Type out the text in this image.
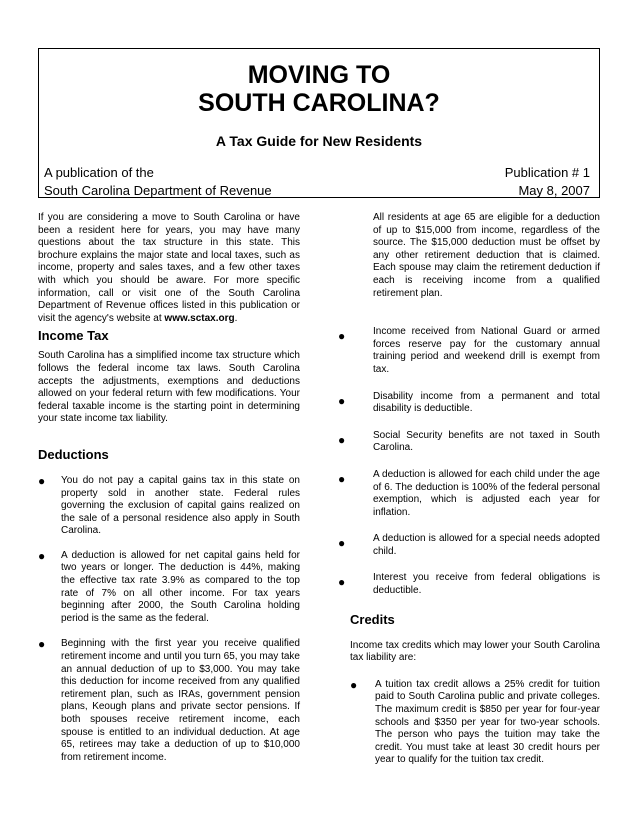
MOVING TO
SOUTH CAROLINA?
A Tax Guide for New Residents
A publication of the
South Carolina Department of Revenue
Publication # 1
May 8, 2007

If you are considering a move to South Carolina or have been a resident here for years, you may have many questions about the tax structure in this state. This brochure explains the major state and local taxes, such as income, property and sales taxes, and a few other taxes with which you should be aware. For more specific information, call or visit one of the South Carolina Department of Revenue offices listed in this publication or visit the agency's website at www.sctax.org.

Income Tax

South Carolina has a simplified income tax structure which follows the federal income tax laws. South Carolina accepts the adjustments, exemptions and deductions allowed on your federal return with few modifications. Your federal taxable income is the starting point in determining your state income tax liability.

Deductions
● You do not pay a capital gains tax in this state on property sold in another state. Federal rules governing the exclusion of capital gains realized on the sale of a personal residence also apply in South Carolina.
● A deduction is allowed for net capital gains held for two years or longer. The deduction is 44%, making the effective tax rate 3.9% as compared to the top rate of 7% on all other income. For tax years beginning after 2000, the South Carolina holding period is the same as the federal.
● Beginning with the first year you receive qualified retirement income and until you turn 65, you may take an annual deduction of up to $3,000. You may take this deduction for income received from any qualified retirement plan, such as IRAs, government pension plans, Keough plans and private sector pensions. If both spouses receive retirement income, each spouse is entitled to an individual deduction. At age 65, retirees may take a deduction of up to $10,000 from retirement income.

All residents at age 65 are eligible for a deduction of up to $15,000 from income, regardless of the source. The $15,000 deduction must be offset by any other retirement deduction that is claimed. Each spouse may claim the retirement deduction if each is receiving income from a qualified retirement plan.

●	Income received from National Guard or armed forces reserve pay for the customary annual training period and weekend drill is exempt from tax.
●	Disability income from a permanent and total disability is deductible.
●	Social Security benefits are not taxed in South Carolina.
●	A deduction is allowed for each child under the age of 6. The deduction is 100% of the federal personal exemption, which is adjusted each year for inflation.
●	A deduction is allowed for a special needs adopted child.
●	Interest you receive from federal obligations is deductible.
Credits

Income tax credits which may lower your South Carolina tax liability are:

● A tuition tax credit allows a 25% credit for tuition paid to South Carolina public and private colleges. The maximum credit is $850 per year for four-year schools and $350 per year for two-year schools. The person who pays the tuition may take the credit. You must take at least 30 credit hours per year to qualify for the tuition tax credit.
